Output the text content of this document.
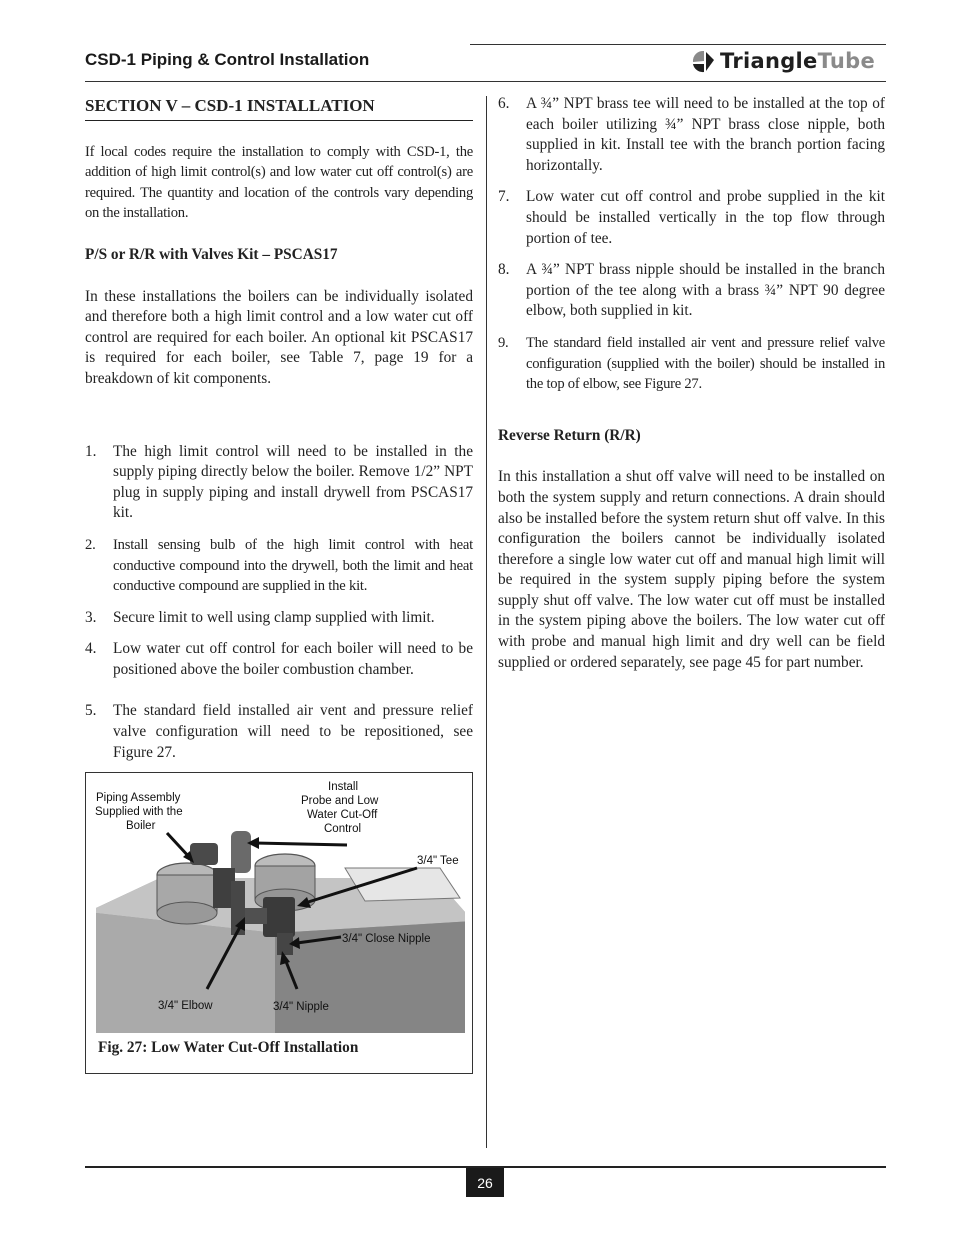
CSD-1 Piping & Control Installation	TriangleTube
SECTION V – CSD-1 INSTALLATION

If local codes require the installation to comply with CSD-1, the addition of high limit control(s) and low water cut off control(s) are required. The quantity and location of the controls vary depending on the installation.

P/S or R/R with Valves Kit – PSCAS17

In these installations the boilers can be individually isolated and therefore both a high limit control and a low water cut off control are required for each boiler. An optional kit PSCAS17 is required for each boiler, see Table 7, page 19 for a breakdown of kit components.

1.	The high limit control will need to be installed in the supply piping directly below the boiler. Remove 1/2” NPT plug in supply piping and install drywell from PSCAS17 kit.
2.	Install sensing bulb of the high limit control with heat conductive compound into the drywell, both the limit and heat conductive compound are supplied in the kit.
3.	Secure limit to well using clamp supplied with limit.
4.	Low water cut off control for each boiler will need to be positioned above the boiler combustion chamber.
5.	The standard field installed air vent and pressure relief valve configuration will need to be repositioned, see Figure 27.
Piping Assembly
Supplied with the
Boiler
Install
Probe and Low
Water Cut-Off
Control
3/4" Tee
3/4" Close Nipple
3/4" Elbow	3/4" Nipple
Fig. 27: Low Water Cut-Off Installation
6.	A ¾” NPT brass tee will need to be installed at the top of each boiler utilizing ¾” NPT brass close nipple, both supplied in kit. Install tee with the branch portion facing horizontally.
7.	Low water cut off control and probe supplied in the kit should be installed vertically in the top flow through portion of tee.
8.	A ¾” NPT brass nipple should be installed in the branch portion of the tee along with a brass ¾” NPT 90 degree elbow, both supplied in kit.
9.	The standard field installed air vent and pressure relief valve configuration (supplied with the boiler) should be installed in the top of elbow, see Figure 27.

Reverse Return (R/R)

In this installation a shut off valve will need to be installed on both the system supply and return connections. A drain should also be installed before the system return shut off valve. In this configuration the boilers cannot be individually isolated therefore a single low water cut off and manual high limit will be required in the system supply piping before the system supply shut off valve. The low water cut off must be installed in the system piping above the boilers. The low water cut off with probe and manual high limit and dry well can be field supplied or ordered separately, see page 45 for part number.

26
